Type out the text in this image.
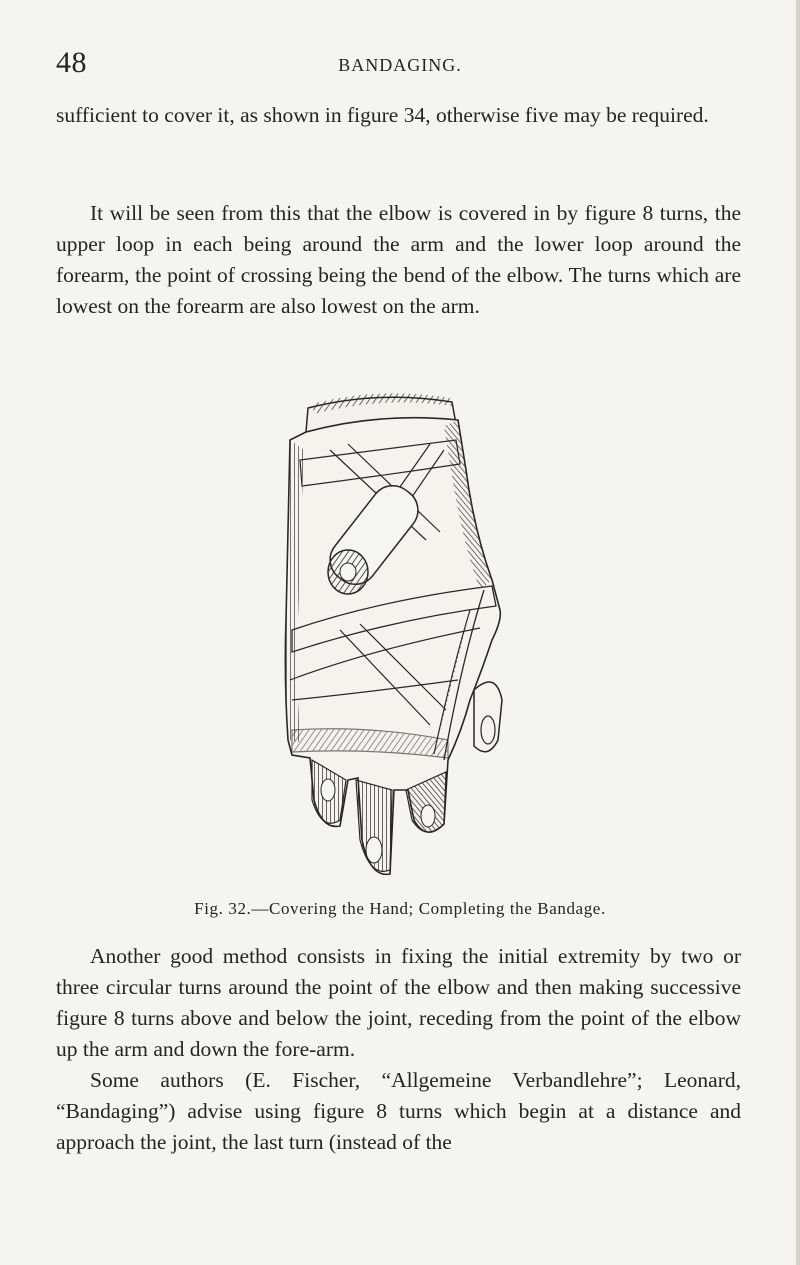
48	BANDAGING.

sufficient to cover it, as shown in figure 34, otherwise five may be required.

It will be seen from this that the elbow is covered in by figure 8 turns, the upper loop in each being around the arm and the lower loop around the forearm, the point of crossing being the bend of the elbow. The turns which are lowest on the forearm are also lowest on the arm.

Fig. 32.—Covering the Hand; Completing the Bandage.

Another good method consists in fixing the initial extremity by two or three circular turns around the point of the elbow and then making successive figure 8 turns above and below the joint, receding from the point of the elbow up the arm and down the fore-arm.

Some authors (E. Fischer, “Allgemeine Verbandlehre”; Leonard, “Bandaging”) advise using figure 8 turns which begin at a distance and approach the joint, the last turn (instead of the
